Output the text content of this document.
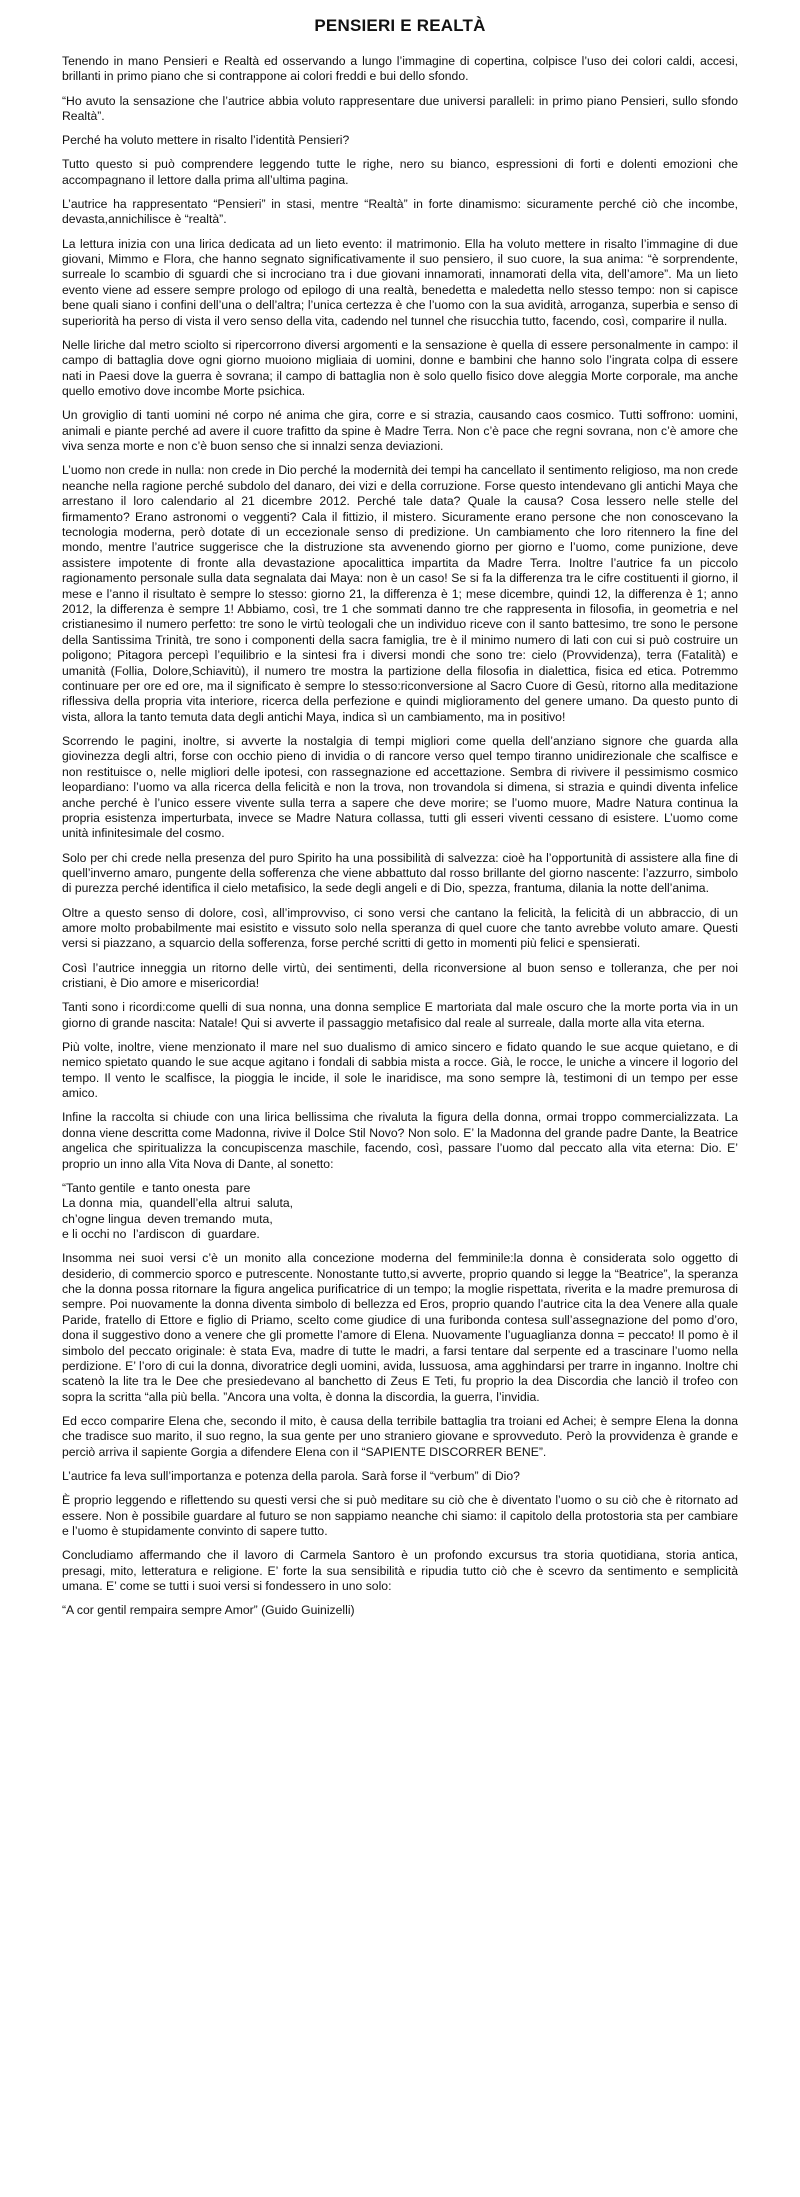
PENSIERI E REALTÀ

Tenendo in mano Pensieri e Realtà ed osservando a lungo l’immagine di copertina, colpisce l’uso dei colori caldi, accesi, brillanti in primo piano che si contrappone ai colori freddi e bui dello sfondo.

“Ho avuto la sensazione che l’autrice abbia voluto rappresentare due universi paralleli: in primo piano Pensieri, sullo sfondo Realtà”.

Perché ha voluto mettere in risalto l’identità Pensieri?

Tutto questo si può comprendere leggendo tutte le righe, nero su bianco, espressioni di forti e dolenti emozioni che accompagnano il lettore dalla prima all’ultima pagina.

L’autrice ha rappresentato “Pensieri” in stasi, mentre “Realtà” in forte dinamismo: sicuramente perché ciò che incombe, devasta,annichilisce è “realtà”.

La lettura inizia con una lirica dedicata ad un lieto evento: il matrimonio. Ella ha voluto mettere in risalto l’immagine di due giovani, Mimmo e Flora, che hanno segnato significativamente il suo pensiero, il suo cuore, la sua anima: “è sorprendente, surreale lo scambio di sguardi che si incrociano tra i due giovani innamorati, innamorati della vita, dell’amore”. Ma un lieto evento viene ad essere sempre prologo od epilogo di una realtà, benedetta e maledetta nello stesso tempo: non si capisce bene quali siano i confini dell’una o dell’altra; l’unica certezza è che l’uomo con la sua avidità, arroganza, superbia e senso di superiorità ha perso di vista il vero senso della vita, cadendo nel tunnel che risucchia tutto, facendo, così, comparire il nulla.

Nelle liriche dal metro sciolto si ripercorrono diversi argomenti e la sensazione è quella di essere personalmente in campo: il campo di battaglia dove ogni giorno muoiono migliaia di uomini, donne e bambini che hanno solo l’ingrata colpa di essere nati in Paesi dove la guerra è sovrana; il campo di battaglia non è solo quello fisico dove aleggia Morte corporale, ma anche quello emotivo dove incombe Morte psichica.

Un groviglio di tanti uomini né corpo né anima che gira, corre e si strazia, causando caos cosmico. Tutti soffrono: uomini, animali e piante perché ad avere il cuore trafitto da spine è Madre Terra. Non c’è pace che regni sovrana, non c’è amore che viva senza morte e non c’è buon senso che si innalzi senza deviazioni.

L’uomo non crede in nulla: non crede in Dio perché la modernità dei tempi ha cancellato il sentimento religioso, ma non crede neanche nella ragione perché subdolo del danaro, dei vizi e della corruzione. Forse questo intendevano gli antichi Maya che arrestano il loro calendario al 21 dicembre 2012. Perché tale data? Quale la causa? Cosa lessero nelle stelle del firmamento? Erano astronomi o veggenti? Cala il fittizio, il mistero. Sicuramente erano persone che non conoscevano la tecnologia moderna, però dotate di un eccezionale senso di predizione. Un cambiamento che loro ritennero la fine del mondo, mentre l’autrice suggerisce che la distruzione sta avvenendo giorno per giorno e l’uomo, come punizione, deve assistere impotente di fronte alla devastazione apocalittica impartita da Madre Terra. Inoltre l’autrice fa un piccolo ragionamento personale sulla data segnalata dai Maya: non è un caso! Se si fa la differenza tra le cifre costituenti il giorno, il mese e l’anno il risultato è sempre lo stesso: giorno 21, la differenza è 1; mese dicembre, quindi 12, la differenza è 1; anno 2012, la differenza è sempre 1! Abbiamo, così, tre 1 che sommati danno tre che rappresenta in filosofia, in geometria e nel cristianesimo il numero perfetto: tre sono le virtù teologali che un individuo riceve con il santo battesimo, tre sono le persone della Santissima Trinità, tre sono i componenti della sacra famiglia, tre è il minimo numero di lati con cui si può costruire un poligono; Pitagora percepì l’equilibrio e la sintesi fra i diversi mondi che sono tre: cielo (Provvidenza), terra (Fatalità) e umanità (Follia, Dolore,Schiavitù), il numero tre mostra la partizione della filosofia in dialettica, fisica ed etica. Potremmo continuare per ore ed ore, ma il significato è sempre lo stesso:riconversione al Sacro Cuore di Gesù, ritorno alla meditazione riflessiva della propria vita interiore, ricerca della perfezione e quindi miglioramento del genere umano. Da questo punto di vista, allora la tanto temuta data degli antichi Maya, indica sì un cambiamento, ma in positivo!

Scorrendo le pagini, inoltre, si avverte la nostalgia di tempi migliori come quella dell’anziano signore che guarda alla giovinezza degli altri, forse con occhio pieno di invidia o di rancore verso quel tempo tiranno unidirezionale che scalfisce e non restituisce o, nelle migliori delle ipotesi, con rassegnazione ed accettazione. Sembra di rivivere il pessimismo cosmico leopardiano: l’uomo va alla ricerca della felicità e non la trova, non trovandola si dimena, si strazia e quindi diventa infelice anche perché è l’unico essere vivente sulla terra a sapere che deve morire; se l’uomo muore, Madre Natura continua la propria esistenza imperturbata, invece se Madre Natura collassa, tutti gli esseri viventi cessano di esistere. L’uomo come unità infinitesimale del cosmo.

Solo per chi crede nella presenza del puro Spirito ha una possibilità di salvezza: cioè ha l’opportunità di assistere alla fine di quell’inverno amaro, pungente della sofferenza che viene abbattuto dal rosso brillante del giorno nascente: l’azzurro, simbolo di purezza perché identifica il cielo metafisico, la sede degli angeli e di Dio, spezza, frantuma, dilania la notte dell’anima.

Oltre a questo senso di dolore, così, all’improvviso, ci sono versi che cantano la felicità, la felicità di un abbraccio, di un amore molto probabilmente mai esistito e vissuto solo nella speranza di quel cuore che tanto avrebbe voluto amare. Questi versi si piazzano, a squarcio della sofferenza, forse perché scritti di getto in momenti più felici e spensierati.

Così l’autrice inneggia un ritorno delle virtù, dei sentimenti, della riconversione al buon senso e tolleranza, che per noi cristiani, è Dio amore e misericordia!

Tanti sono i ricordi:come quelli di sua nonna, una donna semplice E martoriata dal male oscuro che la morte porta via in un giorno di grande nascita: Natale! Qui si avverte il passaggio metafisico dal reale al surreale, dalla morte alla vita eterna.

Più volte, inoltre, viene menzionato il mare nel suo dualismo di amico sincero e fidato quando le sue acque quietano, e di nemico spietato quando le sue acque agitano i fondali di sabbia mista a rocce. Già, le rocce, le uniche a vincere il logorio del tempo. Il vento le scalfisce, la pioggia le incide, il sole le inaridisce, ma sono sempre là, testimoni di un tempo per esse amico.

Infine la raccolta si chiude con una lirica bellissima che rivaluta la figura della donna, ormai troppo commercializzata. La donna viene descritta come Madonna, rivive il Dolce Stil Novo? Non solo. E’ la Madonna del grande padre Dante, la Beatrice angelica che spiritualizza la concupiscenza maschile, facendo, così, passare l’uomo dal peccato alla vita eterna: Dio. E’ proprio un inno alla Vita Nova di Dante, al sonetto:

“Tanto gentile  e tanto onesta  pare
La donna  mia,  quandell’ella  altrui  saluta,
ch’ogne lingua  deven tremando  muta,
e li occhi no  l’ardiscon  di  guardare.

Insomma nei suoi versi c’è un monito alla concezione moderna del femminile:la donna è considerata solo oggetto di desiderio, di commercio sporco e putrescente. Nonostante tutto,si avverte, proprio quando si legge la “Beatrice”, la speranza che la donna possa ritornare la figura angelica purificatrice di un tempo; la moglie rispettata, riverita e la madre premurosa di sempre. Poi nuovamente la donna diventa simbolo di bellezza ed Eros, proprio quando l’autrice cita la dea Venere alla quale Paride, fratello di Ettore e figlio di Priamo, scelto come giudice di una furibonda contesa sull’assegnazione del pomo d’oro, dona il suggestivo dono a venere che gli promette l’amore di Elena. Nuovamente l’uguaglianza donna = peccato! Il pomo è il simbolo del peccato originale: è stata Eva, madre di tutte le madri, a farsi tentare dal serpente ed a trascinare l’uomo nella perdizione. E’ l’oro di cui la donna, divoratrice degli uomini, avida, lussuosa, ama agghindarsi per trarre in inganno. Inoltre chi scatenò la lite tra le Dee che presiedevano al banchetto di Zeus E Teti, fu proprio la dea Discordia che lanciò il trofeo con sopra la scritta “alla più bella. ”Ancora una volta, è donna la discordia, la guerra, l’invidia.

Ed ecco comparire Elena che, secondo il mito, è causa della terribile battaglia tra troiani ed Achei; è sempre Elena la donna che tradisce suo marito, il suo regno, la sua gente per uno straniero giovane e sprovveduto. Però la provvidenza è grande e perciò arriva il sapiente Gorgia a difendere Elena con il “SAPIENTE DISCORRER BENE”.

L’autrice fa leva sull’importanza e potenza della parola. Sarà forse il “verbum” di Dio?

È proprio leggendo e riflettendo su questi versi che si può meditare su ciò che è diventato l’uomo o su ciò che è ritornato ad essere. Non è possibile guardare al futuro se non sappiamo neanche chi siamo: il capitolo della protostoria sta per cambiare e l’uomo è stupidamente convinto di sapere tutto.

Concludiamo affermando che il lavoro di Carmela Santoro è un profondo excursus tra storia quotidiana, storia antica, presagi, mito, letteratura e religione. E’ forte la sua sensibilità e ripudia tutto ciò che è scevro da sentimento e semplicità umana. E’ come se tutti i suoi versi si fondessero in uno solo:

“A cor gentil rempaira sempre Amor” (Guido Guinizelli)
